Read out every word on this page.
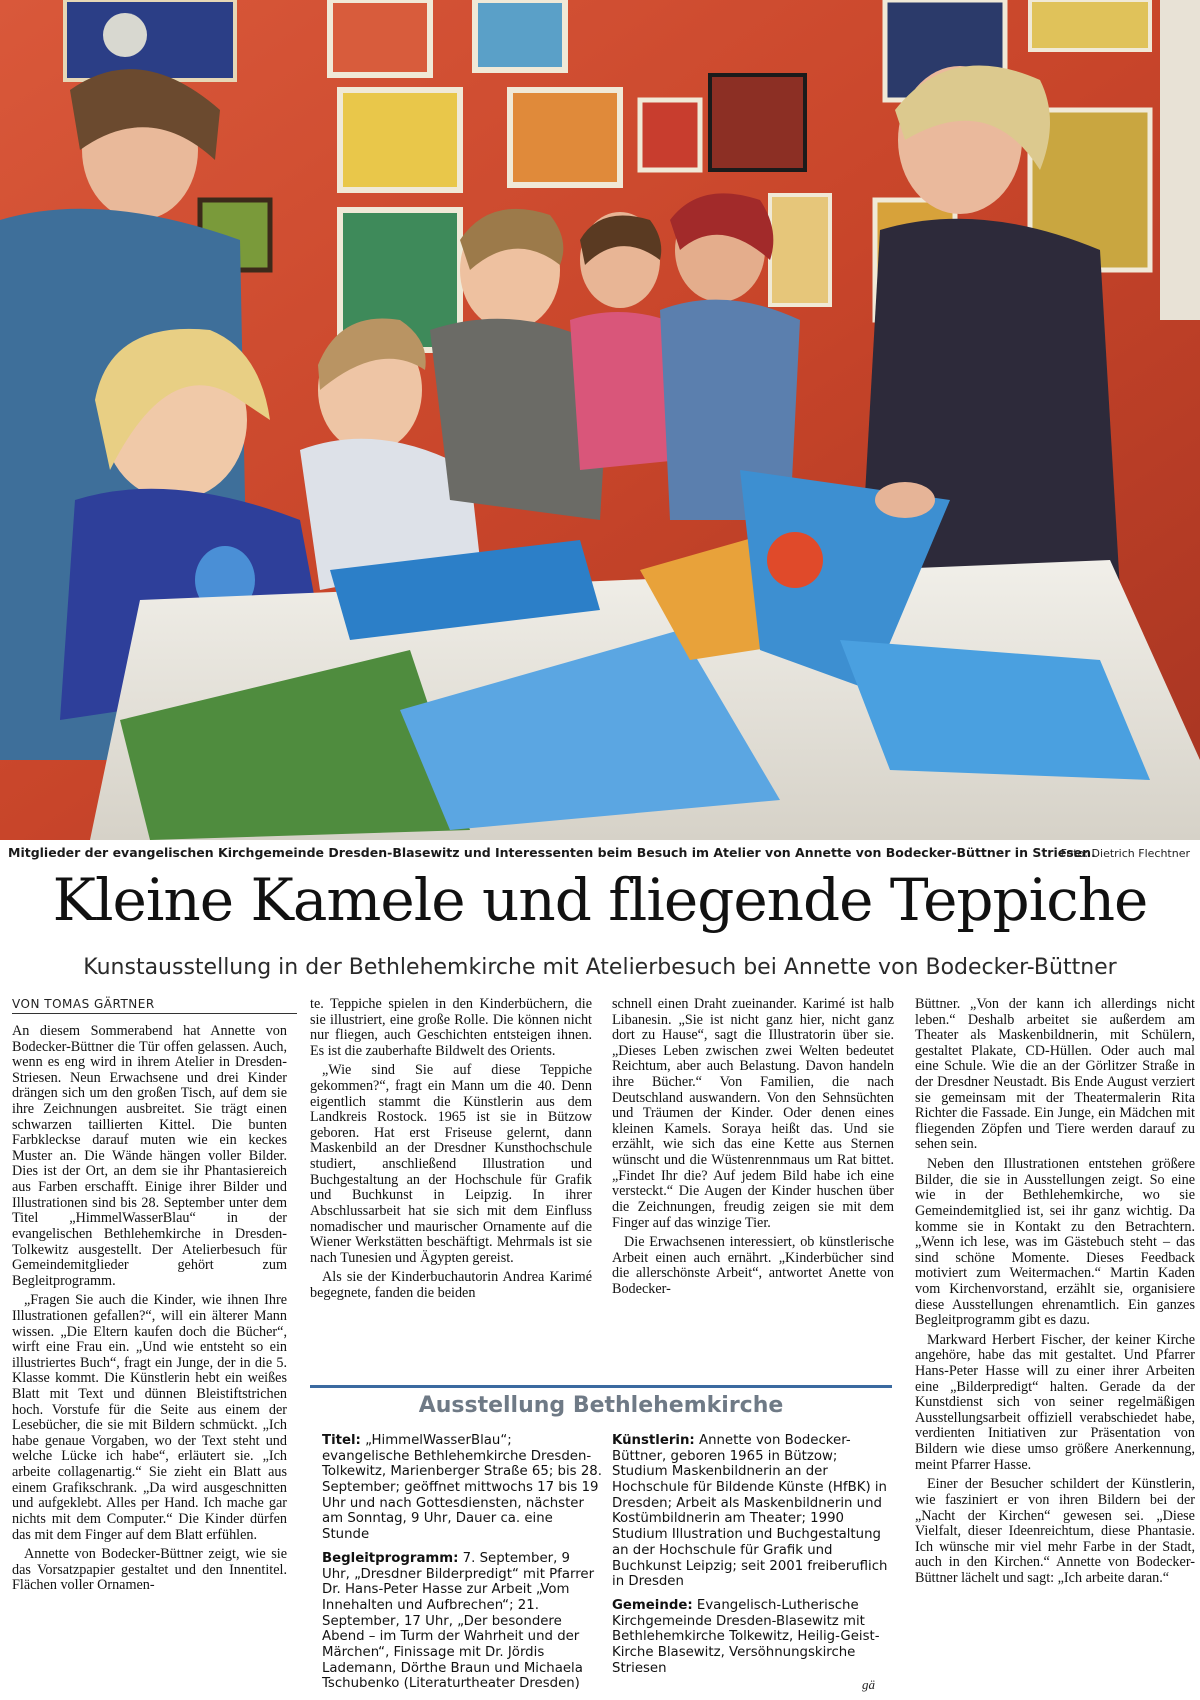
Mitglieder der evangelischen Kirchgemeinde Dresden-Blasewitz und Interessenten beim Besuch im Atelier von Annette von Bodecker-Büttner in Striesen.
Foto: Dietrich Flechtner
Kleine Kamele und fliegende Teppiche
Kunstausstellung in der Bethlehemkirche mit Atelierbesuch bei Annette von Bodecker-Büttner
VON TOMAS GÄRTNER

An diesem Sommerabend hat Annette von Bodecker-Büttner die Tür offen gelassen. Auch, wenn es eng wird in ihrem Atelier in Dresden-Striesen. Neun Erwachsene und drei Kinder drängen sich um den großen Tisch, auf dem sie ihre Zeichnungen ausbreitet. Sie trägt einen schwarzen taillierten Kittel. Die bunten Farbkleckse darauf muten wie ein keckes Muster an. Die Wände hängen voller Bilder. Dies ist der Ort, an dem sie ihr Phantasiereich aus Farben erschafft. Einige ihrer Bilder und Illustrationen sind bis 28. September unter dem Titel „HimmelWasserBlau“ in der evangelischen Bethlehemkirche in Dresden-Tolkewitz ausgestellt. Der Atelierbesuch für Gemeindemitglieder gehört zum Begleitprogramm.

„Fragen Sie auch die Kinder, wie ihnen Ihre Illustrationen gefallen?“, will ein älterer Mann wissen. „Die Eltern kaufen doch die Bücher“, wirft eine Frau ein. „Und wie entsteht so ein illustriertes Buch“, fragt ein Junge, der in die 5. Klasse kommt. Die Künstlerin hebt ein weißes Blatt mit Text und dünnen Bleistiftstrichen hoch. Vorstufe für die Seite aus einem der Lesebücher, die sie mit Bildern schmückt. „Ich habe genaue Vorgaben, wo der Text steht und welche Lücke ich habe“, erläutert sie. „Ich arbeite collagenartig.“ Sie zieht ein Blatt aus einem Grafikschrank. „Da wird ausgeschnitten und aufgeklebt. Alles per Hand. Ich mache gar nichts mit dem Computer.“ Die Kinder dürfen das mit dem Finger auf dem Blatt erfühlen.

Annette von Bodecker-Büttner zeigt, wie sie das Vorsatzpapier gestaltet und den Innentitel. Flächen voller Ornamen-

te. Teppiche spielen in den Kinderbüchern, die sie illustriert, eine große Rolle. Die können nicht nur fliegen, auch Geschichten entsteigen ihnen. Es ist die zauberhafte Bildwelt des Orients.

„Wie sind Sie auf diese Teppiche gekommen?“, fragt ein Mann um die 40. Denn eigentlich stammt die Künstlerin aus dem Landkreis Rostock. 1965 ist sie in Bützow geboren. Hat erst Friseuse gelernt, dann Maskenbild an der Dresdner Kunsthochschule studiert, anschließend Illustration und Buchgestaltung an der Hochschule für Grafik und Buchkunst in Leipzig. In ihrer Abschlussarbeit hat sie sich mit dem Einfluss nomadischer und maurischer Ornamente auf die Wiener Werkstätten beschäftigt. Mehrmals ist sie nach Tunesien und Ägypten gereist.

Als sie der Kinderbuchautorin Andrea Karimé begegnete, fanden die beiden

schnell einen Draht zueinander. Karimé ist halb Libanesin. „Sie ist nicht ganz hier, nicht ganz dort zu Hause“, sagt die Illustratorin über sie. „Dieses Leben zwischen zwei Welten bedeutet Reichtum, aber auch Belastung. Davon handeln ihre Bücher.“ Von Familien, die nach Deutschland auswandern. Von den Sehnsüchten und Träumen der Kinder. Oder denen eines kleinen Kamels. Soraya heißt das. Und sie erzählt, wie sich das eine Kette aus Sternen wünscht und die Wüstenrennmaus um Rat bittet. „Findet Ihr die? Auf jedem Bild habe ich eine versteckt.“ Die Augen der Kinder huschen über die Zeichnungen, freudig zeigen sie mit dem Finger auf das winzige Tier.

Die Erwachsenen interessiert, ob künstlerische Arbeit einen auch ernährt. „Kinderbücher sind die allerschönste Arbeit“, antwortet Anette von Bodecker-

Büttner. „Von der kann ich allerdings nicht leben.“ Deshalb arbeitet sie außerdem am Theater als Maskenbildnerin, mit Schülern, gestaltet Plakate, CD-Hüllen. Oder auch mal eine Schule. Wie die an der Görlitzer Straße in der Dresdner Neustadt. Bis Ende August verziert sie gemeinsam mit der Theatermalerin Rita Richter die Fassade. Ein Junge, ein Mädchen mit fliegenden Zöpfen und Tiere werden darauf zu sehen sein.

Neben den Illustrationen entstehen größere Bilder, die sie in Ausstellungen zeigt. So eine wie in der Bethlehemkirche, wo sie Gemeindemitglied ist, sei ihr ganz wichtig. Da komme sie in Kontakt zu den Betrachtern. „Wenn ich lese, was im Gästebuch steht – das sind schöne Momente. Dieses Feedback motiviert zum Weitermachen.“ Martin Kaden vom Kirchenvorstand, erzählt sie, organisiere diese Ausstellungen ehrenamtlich. Ein ganzes Begleitprogramm gibt es dazu.

Markward Herbert Fischer, der keiner Kirche angehöre, habe das mit gestaltet. Und Pfarrer Hans-Peter Hasse will zu einer ihrer Arbeiten eine „Bilderpredigt“ halten. Gerade da der Kunstdienst sich von seiner regelmäßigen Ausstellungsarbeit offiziell verabschiedet habe, verdienten Initiativen zur Präsentation von Bildern wie diese umso größere Anerkennung, meint Pfarrer Hasse.

Einer der Besucher schildert der Künstlerin, wie fasziniert er von ihren Bildern bei der „Nacht der Kirchen“ gewesen sei. „Diese Vielfalt, dieser Ideenreichtum, diese Phantasie. Ich wünsche mir viel mehr Farbe in der Stadt, auch in den Kirchen.“ Annette von Bodecker-Büttner lächelt und sagt: „Ich arbeite daran.“

Ausstellung Bethlehemkirche

Titel: „HimmelWasserBlau“; evangelische Bethlehemkirche Dresden-Tolkewitz, Marienberger Straße 65; bis 28. September; geöffnet mittwochs 17 bis 19 Uhr und nach Gottesdiensten, nächster am Sonntag, 9 Uhr, Dauer ca. eine Stunde

Begleitprogramm: 7. September, 9 Uhr, „Dresdner Bilderpredigt“ mit Pfarrer Dr. Hans-Peter Hasse zur Arbeit „Vom Innehalten und Aufbrechen“; 21. September, 17 Uhr, „Der besondere Abend – im Turm der Wahrheit und der Märchen“, Finissage mit Dr. Jördis Lademann, Dörthe Braun und Michaela Tschubenko (Literaturtheater Dresden)

Künstlerin: Annette von Bodecker-Büttner, geboren 1965 in Bützow; Studium Maskenbildnerin an der Hochschule für Bildende Künste (HfBK) in Dresden; Arbeit als Maskenbildnerin und Kostümbildnerin am Theater; 1990 Studium Illustration und Buchgestaltung an der Hochschule für Grafik und Buchkunst Leipzig; seit 2001 freiberuflich in Dresden

Gemeinde: Evangelisch-Lutherische Kirchgemeinde Dresden-Blasewitz mit Bethlehemkirche Tolkewitz, Heilig-Geist-Kirche Blasewitz, Versöhnungskirche Striesen

gä
